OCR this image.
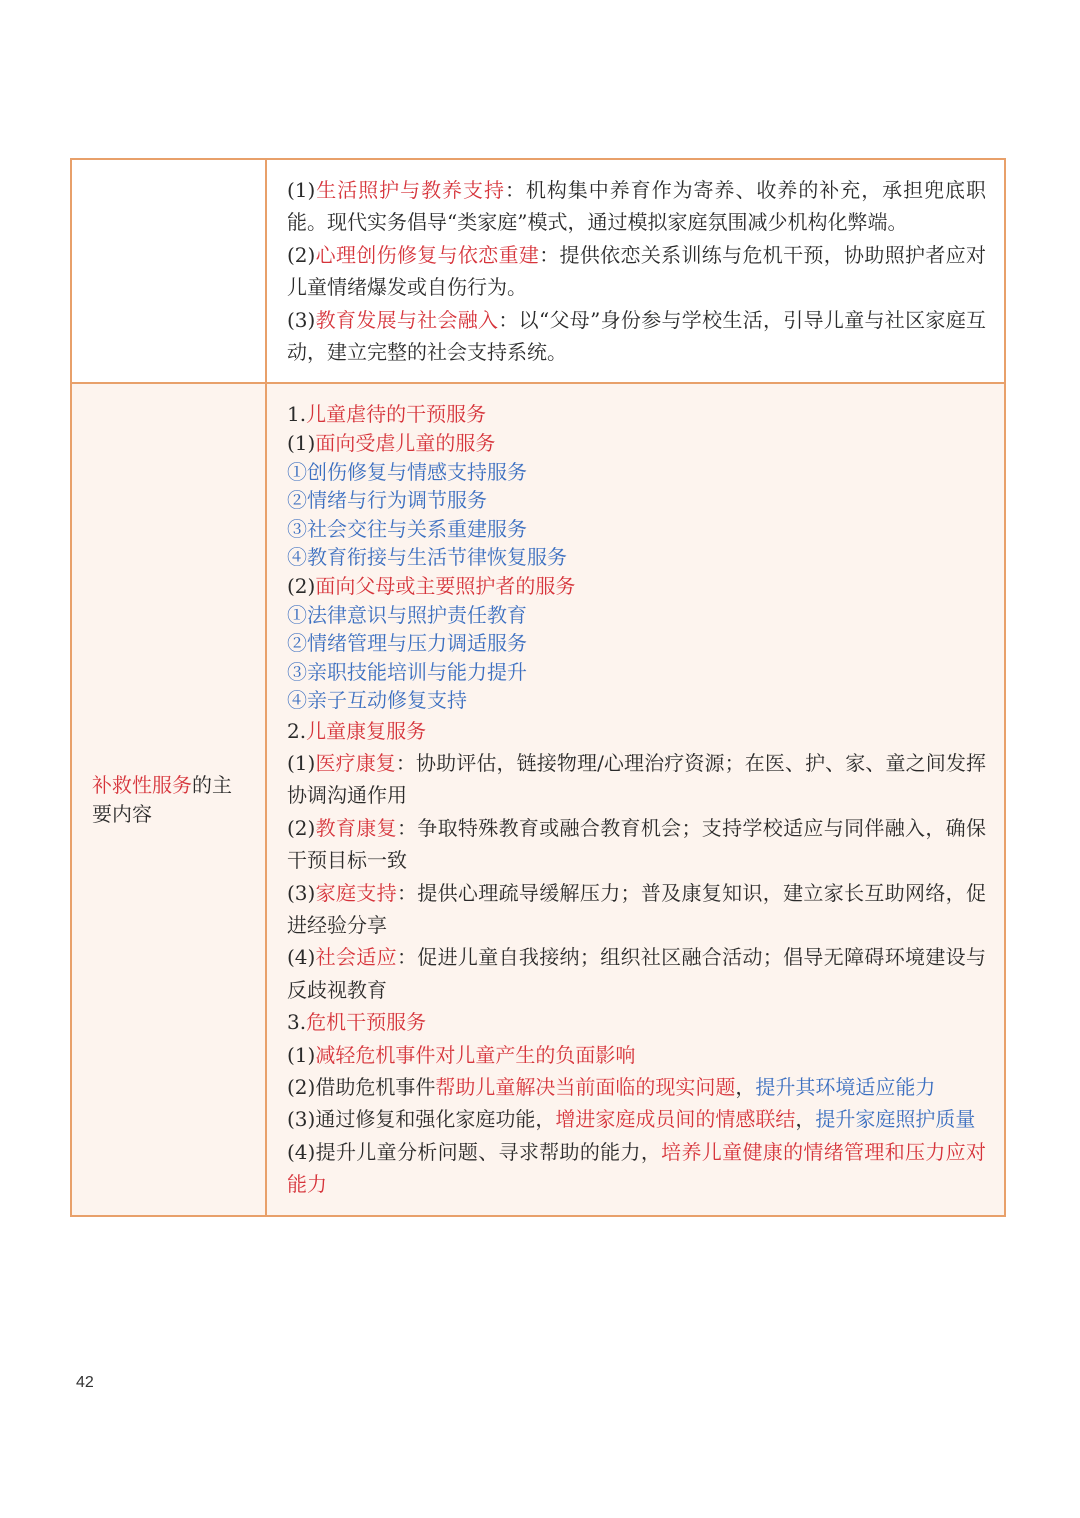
(1)生活照护与教养支持：机构集中养育作为寄养、收养的补充，承担兜底职能。现代实务倡导“类家庭”模式，通过模拟家庭氛围减少机构化弊端。

(2)心理创伤修复与依恋重建：提供依恋关系训练与危机干预，协助照护者应对儿童情绪爆发或自伤行为。

(3)教育发展与社会融入：以“父母”身份参与学校生活，引导儿童与社区家庭互动，建立完整的社会支持系统。

补救性服务的主要内容

1.儿童虐待的干预服务

(1)面向受虐儿童的服务

①创伤修复与情感支持服务

②情绪与行为调节服务

③社会交往与关系重建服务

④教育衔接与生活节律恢复服务

(2)面向父母或主要照护者的服务

①法律意识与照护责任教育

②情绪管理与压力调适服务

③亲职技能培训与能力提升

④亲子互动修复支持

2.儿童康复服务

(1)医疗康复：协助评估，链接物理/心理治疗资源；在医、护、家、童之间发挥协调沟通作用

(2)教育康复：争取特殊教育或融合教育机会；支持学校适应与同伴融入，确保干预目标一致

(3)家庭支持：提供心理疏导缓解压力；普及康复知识，建立家长互助网络，促进经验分享

(4)社会适应：促进儿童自我接纳；组织社区融合活动；倡导无障碍环境建设与反歧视教育

3.危机干预服务

(1)减轻危机事件对儿童产生的负面影响

(2)借助危机事件帮助儿童解决当前面临的现实问题，提升其环境适应能力

(3)通过修复和强化家庭功能，增进家庭成员间的情感联结，提升家庭照护质量

(4)提升儿童分析问题、寻求帮助的能力，培养儿童健康的情绪管理和压力应对能力

42
